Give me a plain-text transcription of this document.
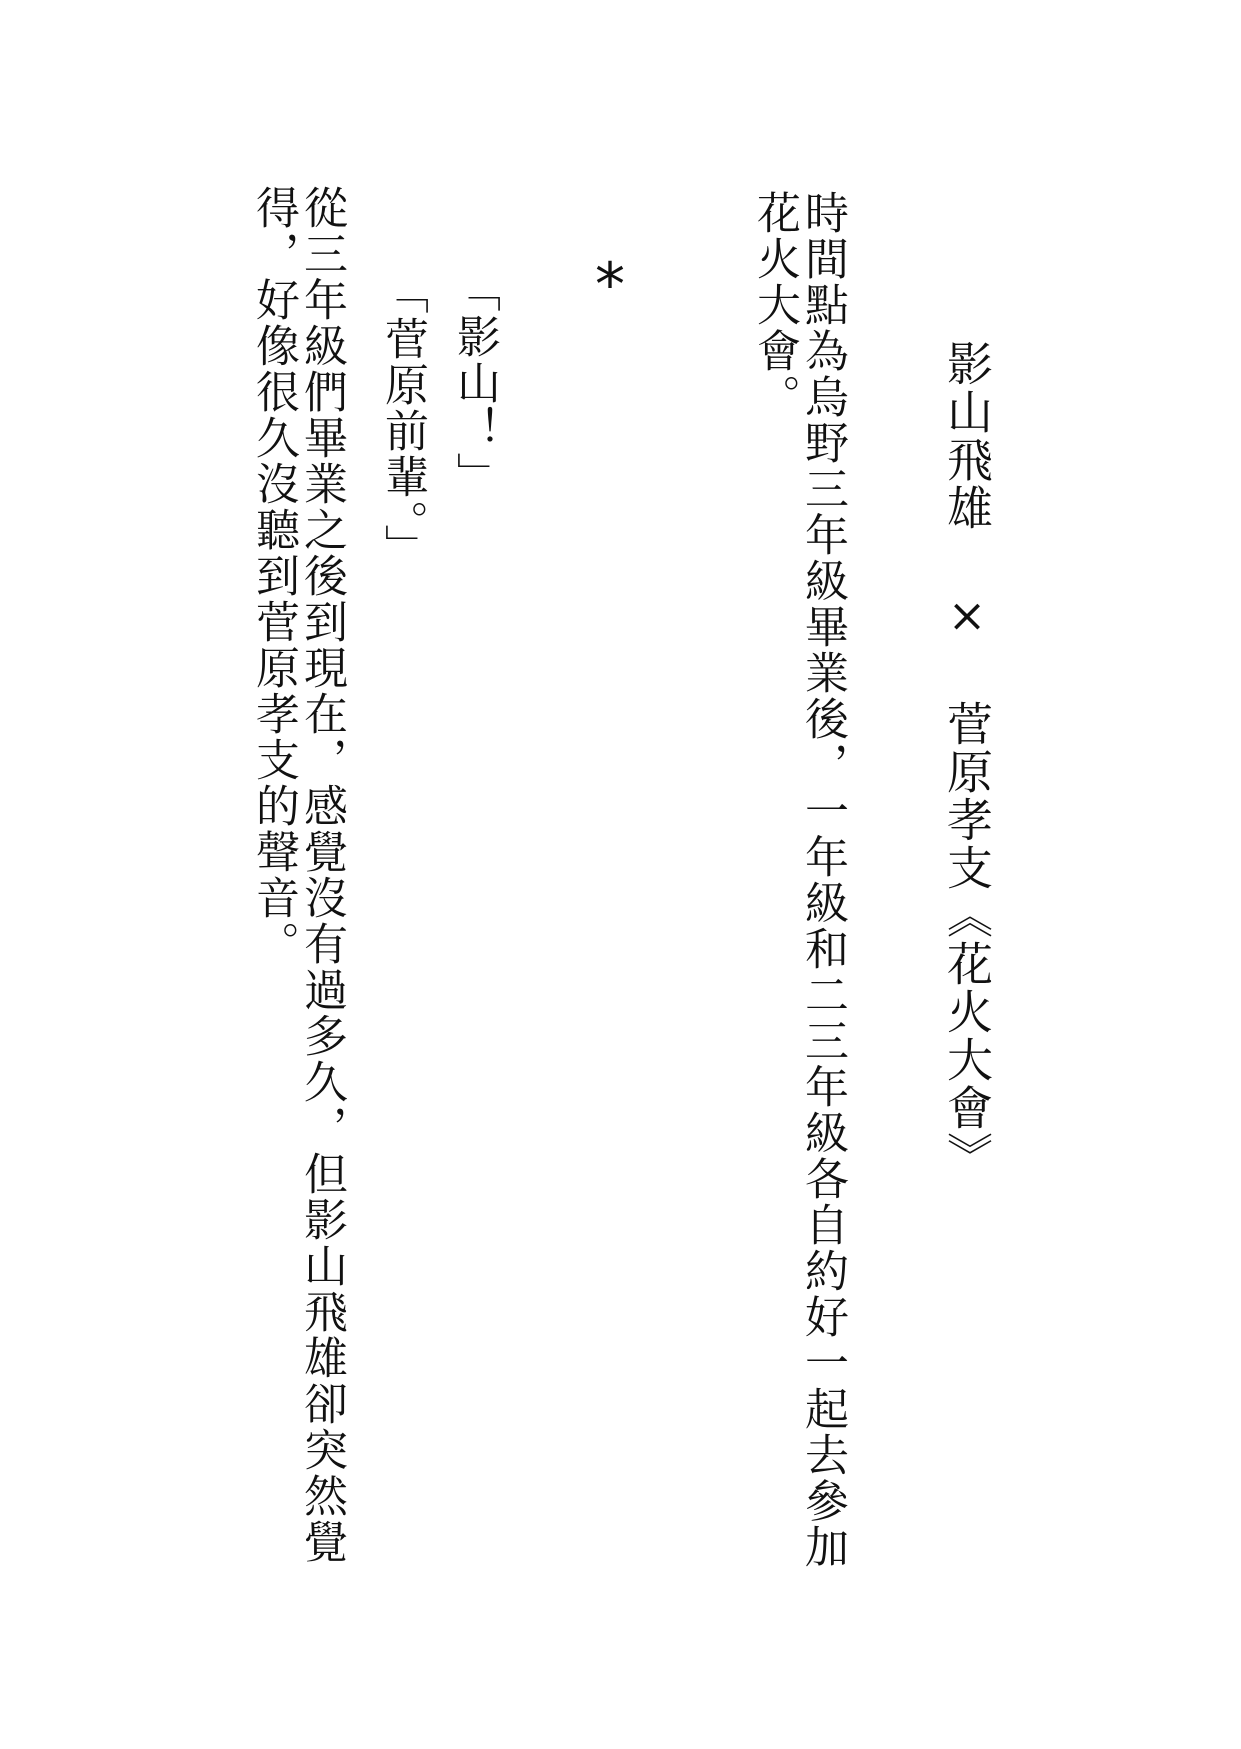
影山飛雄 × 菅原孝支《花火大會》
時間點為烏野三年級畢業後，一年級和二三年級各自約好一起去參加花火大會。
*
「影山！」
「菅原前輩。」
從三年級們畢業之後到現在，感覺沒有過多久，但影山飛雄卻突然覺得，好像很久沒聽到菅原孝支的聲音。
